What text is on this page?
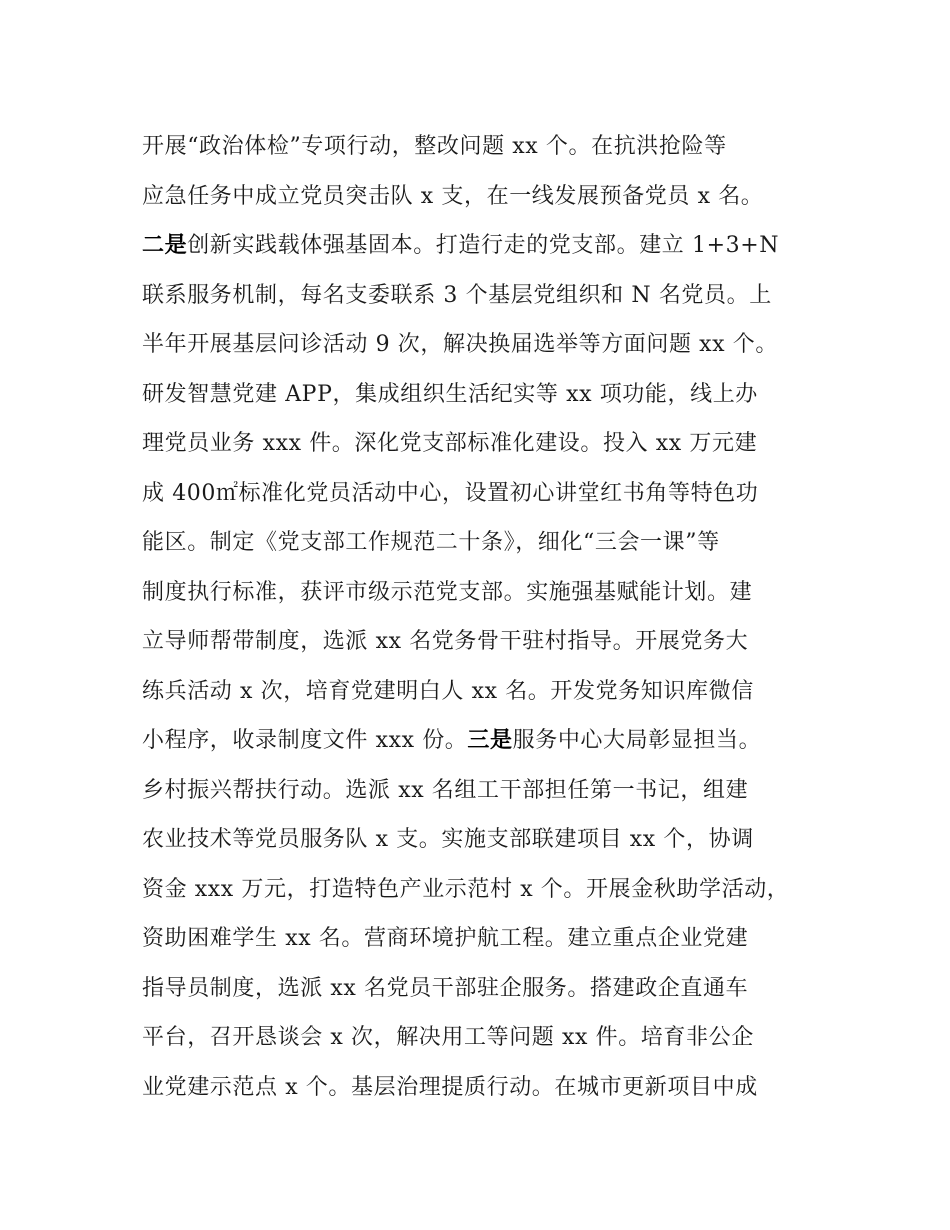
开展“政治体检”专项行动，整改问题 xx 个。在抗洪抢险等
应急任务中成立党员突击队 x 支，在一线发展预备党员 x 名。
二是创新实践载体强基固本。打造行走的党支部。建立 1+3+N
联系服务机制，每名支委联系 3 个基层党组织和 N 名党员。上
半年开展基层问诊活动 9 次，解决换届选举等方面问题 xx 个。
研发智慧党建 APP，集成组织生活纪实等 xx 项功能，线上办
理党员业务 xxx 件。深化党支部标准化建设。投入 xx 万元建
成 400㎡标准化党员活动中心，设置初心讲堂红书角等特色功
能区。制定《党支部工作规范二十条》，细化“三会一课”等
制度执行标准，获评市级示范党支部。实施强基赋能计划。建
立导师帮带制度，选派 xx 名党务骨干驻村指导。开展党务大
练兵活动 x 次，培育党建明白人 xx 名。开发党务知识库微信
小程序，收录制度文件 xxx 份。三是服务中心大局彰显担当。
乡村振兴帮扶行动。选派 xx 名组工干部担任第一书记，组建
农业技术等党员服务队 x 支。实施支部联建项目 xx 个，协调
资金 xxx 万元，打造特色产业示范村 x 个。开展金秋助学活动，
资助困难学生 xx 名。营商环境护航工程。建立重点企业党建
指导员制度，选派 xx 名党员干部驻企服务。搭建政企直通车
平台，召开恳谈会 x 次，解决用工等问题 xx 件。培育非公企
业党建示范点 x 个。基层治理提质行动。在城市更新项目中成
